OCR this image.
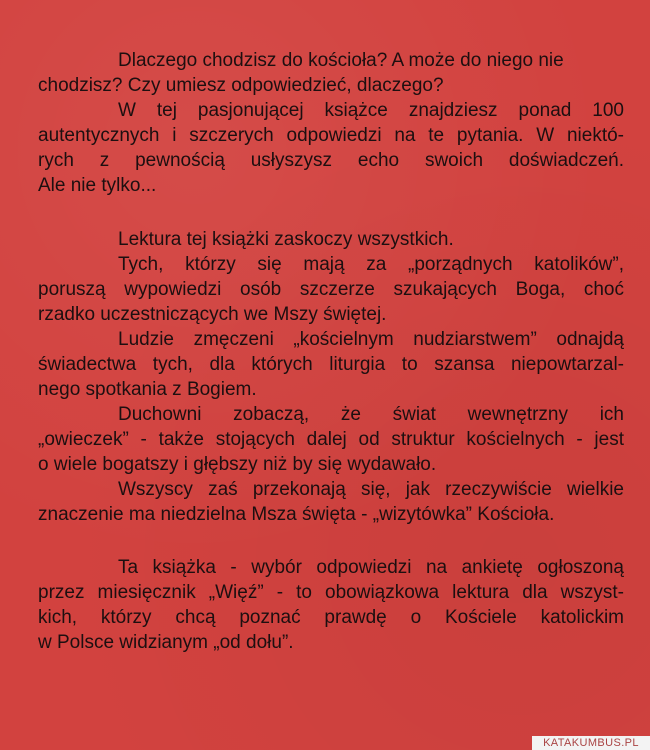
Dlaczego chodzisz do kościoła? A może do niego nie
chodzisz? Czy umiesz odpowiedzieć, dlaczego?
W tej pasjonującej książce znajdziesz ponad 100
autentycznych i szczerych odpowiedzi na te pytania. W niektó-
rych z pewnością usłyszysz echo swoich doświadczeń.
Ale nie tylko...
Lektura tej książki zaskoczy wszystkich.
Tych, którzy się mają za „porządnych katolików”,
poruszą wypowiedzi osób szczerze szukających Boga, choć
rzadko uczestniczących we Mszy świętej.
Ludzie zmęczeni „kościelnym nudziarstwem” odnajdą
świadectwa tych, dla których liturgia to szansa niepowtarzal-
nego spotkania z Bogiem.
Duchowni zobaczą, że świat wewnętrzny ich
„owieczek” - także stojących dalej od struktur kościelnych - jest
o wiele bogatszy i głębszy niż by się wydawało.
Wszyscy zaś przekonają się, jak rzeczywiście wielkie
znaczenie ma niedzielna Msza święta - „wizytówka” Kościoła.
Ta książka - wybór odpowiedzi na ankietę ogłoszoną
przez miesięcznik „Więź” - to obowiązkowa lektura dla wszyst-
kich, którzy chcą poznać prawdę o Kościele katolickim
w Polsce widzianym „od dołu”.
KATAKUMBUS.PL
